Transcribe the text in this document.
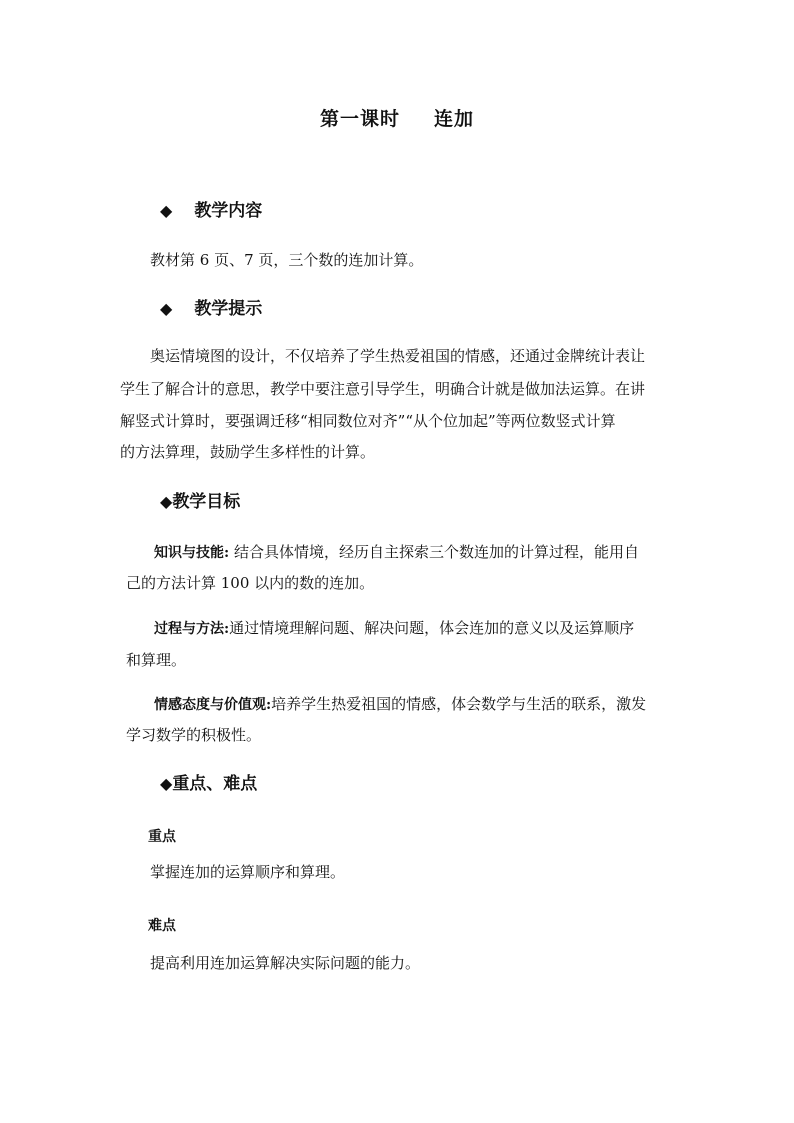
第一课时 连加
◆ 教学内容
教材第 6 页、7 页，三个数的连加计算。
◆ 教学提示
奥运情境图的设计，不仅培养了学生热爱祖国的情感，还通过金牌统计表让
学生了解合计的意思，教学中要注意引导学生，明确合计就是做加法运算。在讲
解竖式计算时，要强调迁移“相同数位对齐”“从个位加起”等两位数竖式计算
的方法算理，鼓励学生多样性的计算。
◆教学目标
知识与技能: 结合具体情境，经历自主探索三个数连加的计算过程，能用自
己的方法计算 100 以内的数的连加。
过程与方法:通过情境理解问题、解决问题，体会连加的意义以及运算顺序
和算理。
情感态度与价值观:培养学生热爱祖国的情感，体会数学与生活的联系，激发
学习数学的积极性。
◆重点、难点
重点
掌握连加的运算顺序和算理。
难点
提高利用连加运算解决实际问题的能力。
